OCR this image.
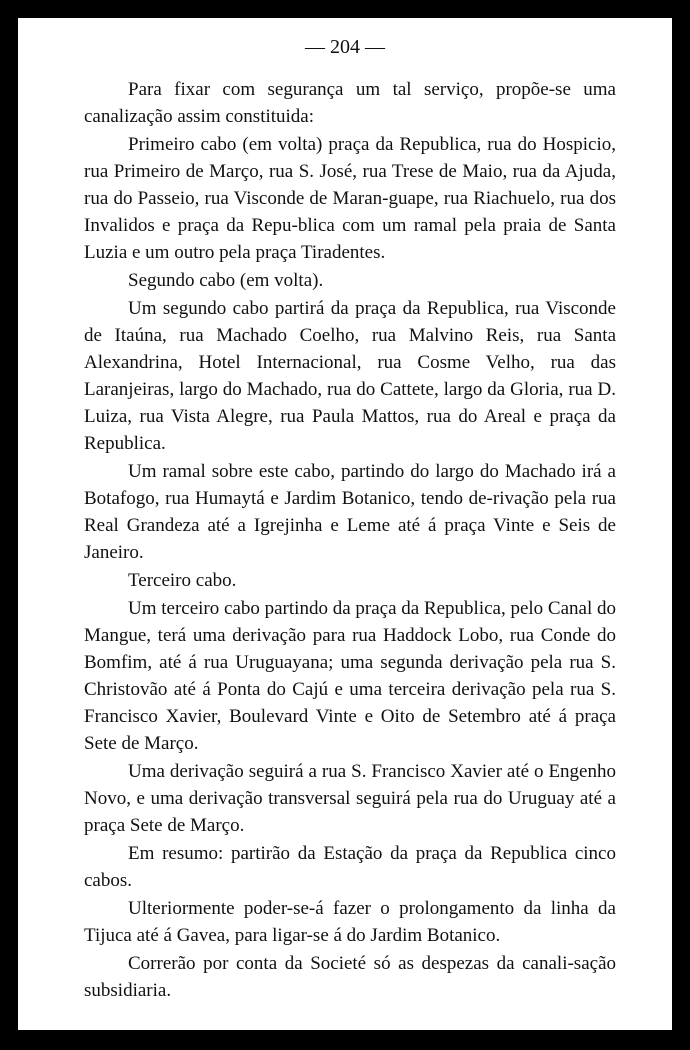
— 204 —

Para fixar com segurança um tal serviço, propõe-se uma canalização assim constituida:

Primeiro cabo (em volta) praça da Republica, rua do Hospicio, rua Primeiro de Março, rua S. José, rua Trese de Maio, rua da Ajuda, rua do Passeio, rua Visconde de Maran-guape, rua Riachuelo, rua dos Invalidos e praça da Repu-blica com um ramal pela praia de Santa Luzia e um outro pela praça Tiradentes.

Segundo cabo (em volta).

Um segundo cabo partirá da praça da Republica, rua Visconde de Itaúna, rua Machado Coelho, rua Malvino Reis, rua Santa Alexandrina, Hotel Internacional, rua Cosme Velho, rua das Laranjeiras, largo do Machado, rua do Cattete, largo da Gloria, rua D. Luiza, rua Vista Alegre, rua Paula Mattos, rua do Areal e praça da Republica.

Um ramal sobre este cabo, partindo do largo do Machado irá a Botafogo, rua Humaytá e Jardim Botanico, tendo de-rivação pela rua Real Grandeza até a Igrejinha e Leme até á praça Vinte e Seis de Janeiro.

Terceiro cabo.

Um terceiro cabo partindo da praça da Republica, pelo Canal do Mangue, terá uma derivação para rua Haddock Lobo, rua Conde do Bomfim, até á rua Uruguayana; uma segunda derivação pela rua S. Christovão até á Ponta do Cajú e uma terceira derivação pela rua S. Francisco Xavier, Boulevard Vinte e Oito de Setembro até á praça Sete de Março.

Uma derivação seguirá a rua S. Francisco Xavier até o Engenho Novo, e uma derivação transversal seguirá pela rua do Uruguay até a praça Sete de Março.

Em resumo: partirão da Estação da praça da Republica cinco cabos.

Ulteriormente poder-se-á fazer o prolongamento da linha da Tijuca até á Gavea, para ligar-se á do Jardim Botanico.

Correrão por conta da Societé só as despezas da canali-sação subsidiaria.
